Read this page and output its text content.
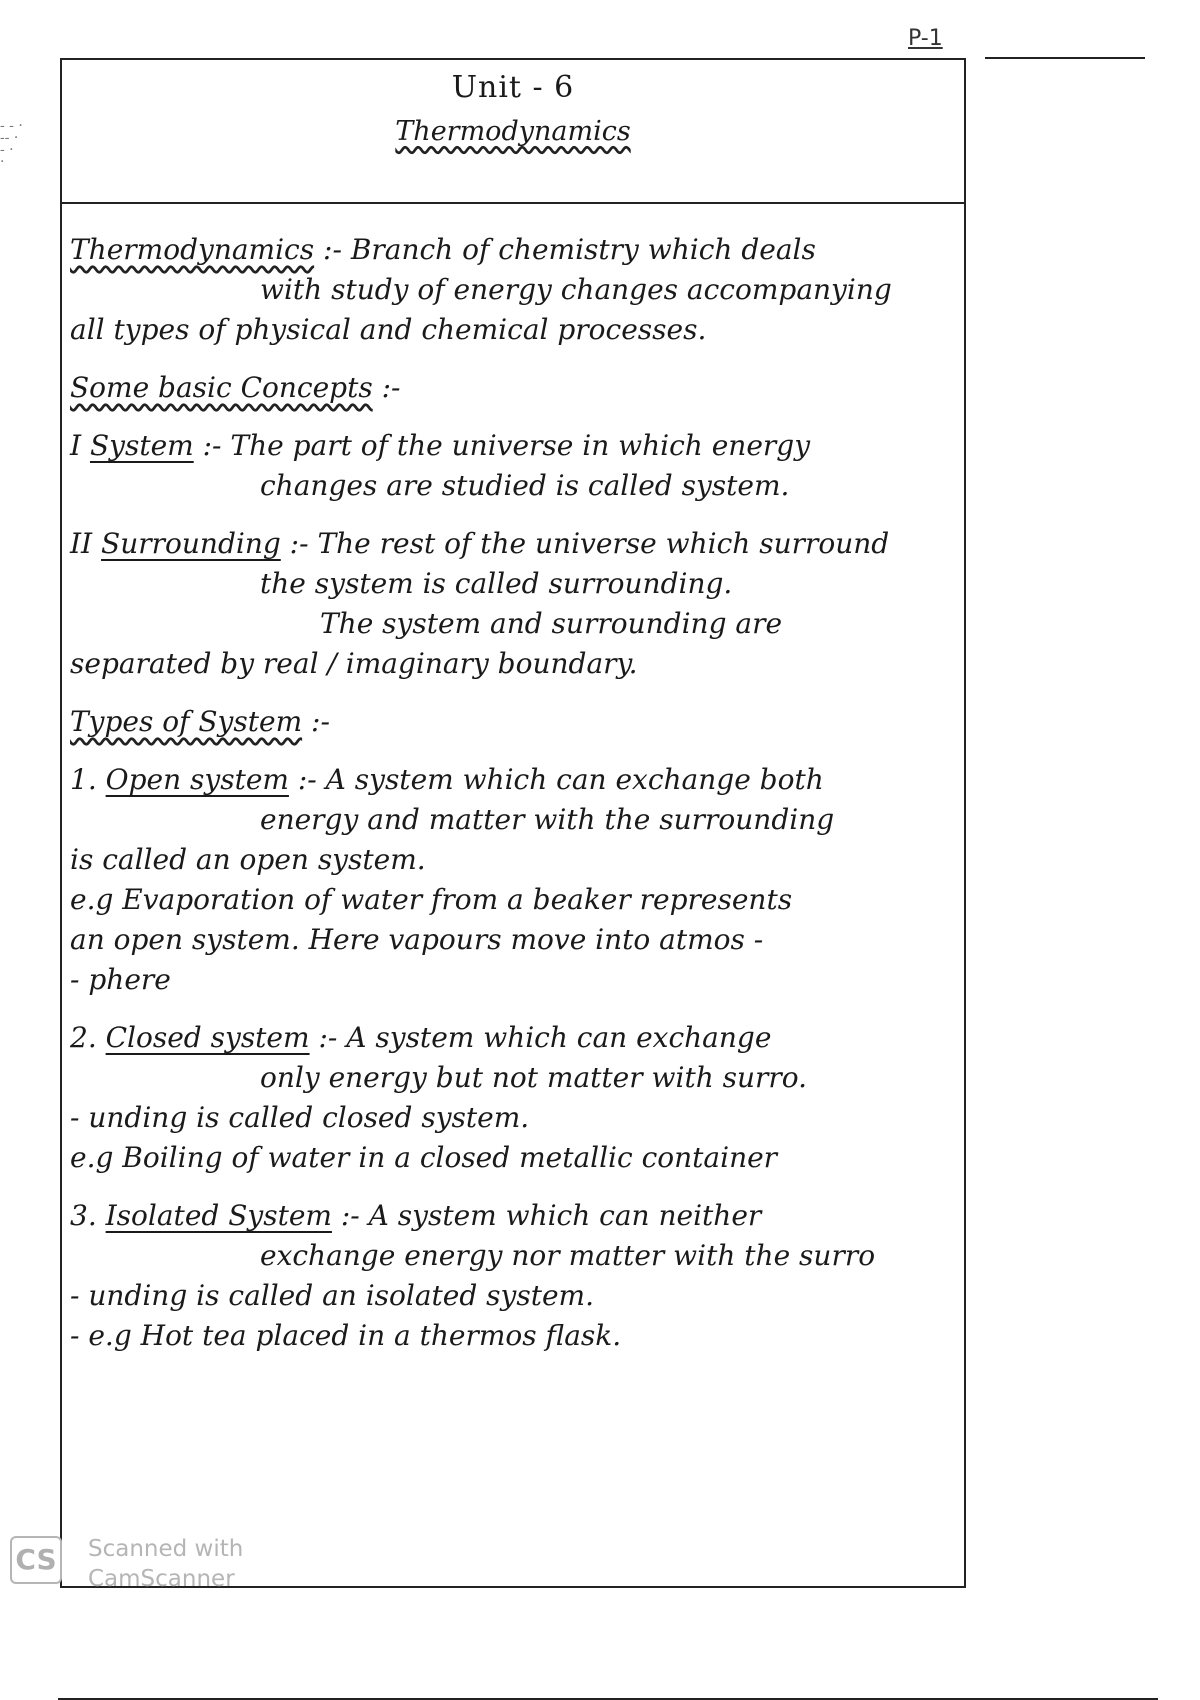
P-1
- - ·
-- ·
- ·
·
Unit - 6
Thermodynamics

Thermodynamics :- Branch of chemistry which deals

with study of energy changes accompanying

all types of physical and chemical processes.

Some basic Concepts :-

I System :- The part of the universe in which energy

changes are studied is called system.

II Surrounding :- The rest of the universe which surround

the system is called surrounding.

The system and surrounding are

separated by real / imaginary boundary.

Types of System :-

1. Open system :- A system which can exchange both

energy and matter with the surrounding

is called an open system.

e.g Evaporation of water from a beaker represents

an open system. Here vapours move into atmos -

- phere

2. Closed system :- A system which can exchange

only energy but not matter with surro.

- unding is called closed system.

e.g Boiling of water in a closed metallic container

3. Isolated System :- A system which can neither

exchange energy nor matter with the surro

- unding is called an isolated system.

- e.g Hot tea placed in a thermos flask.

CS Scanned with
CamScanner
